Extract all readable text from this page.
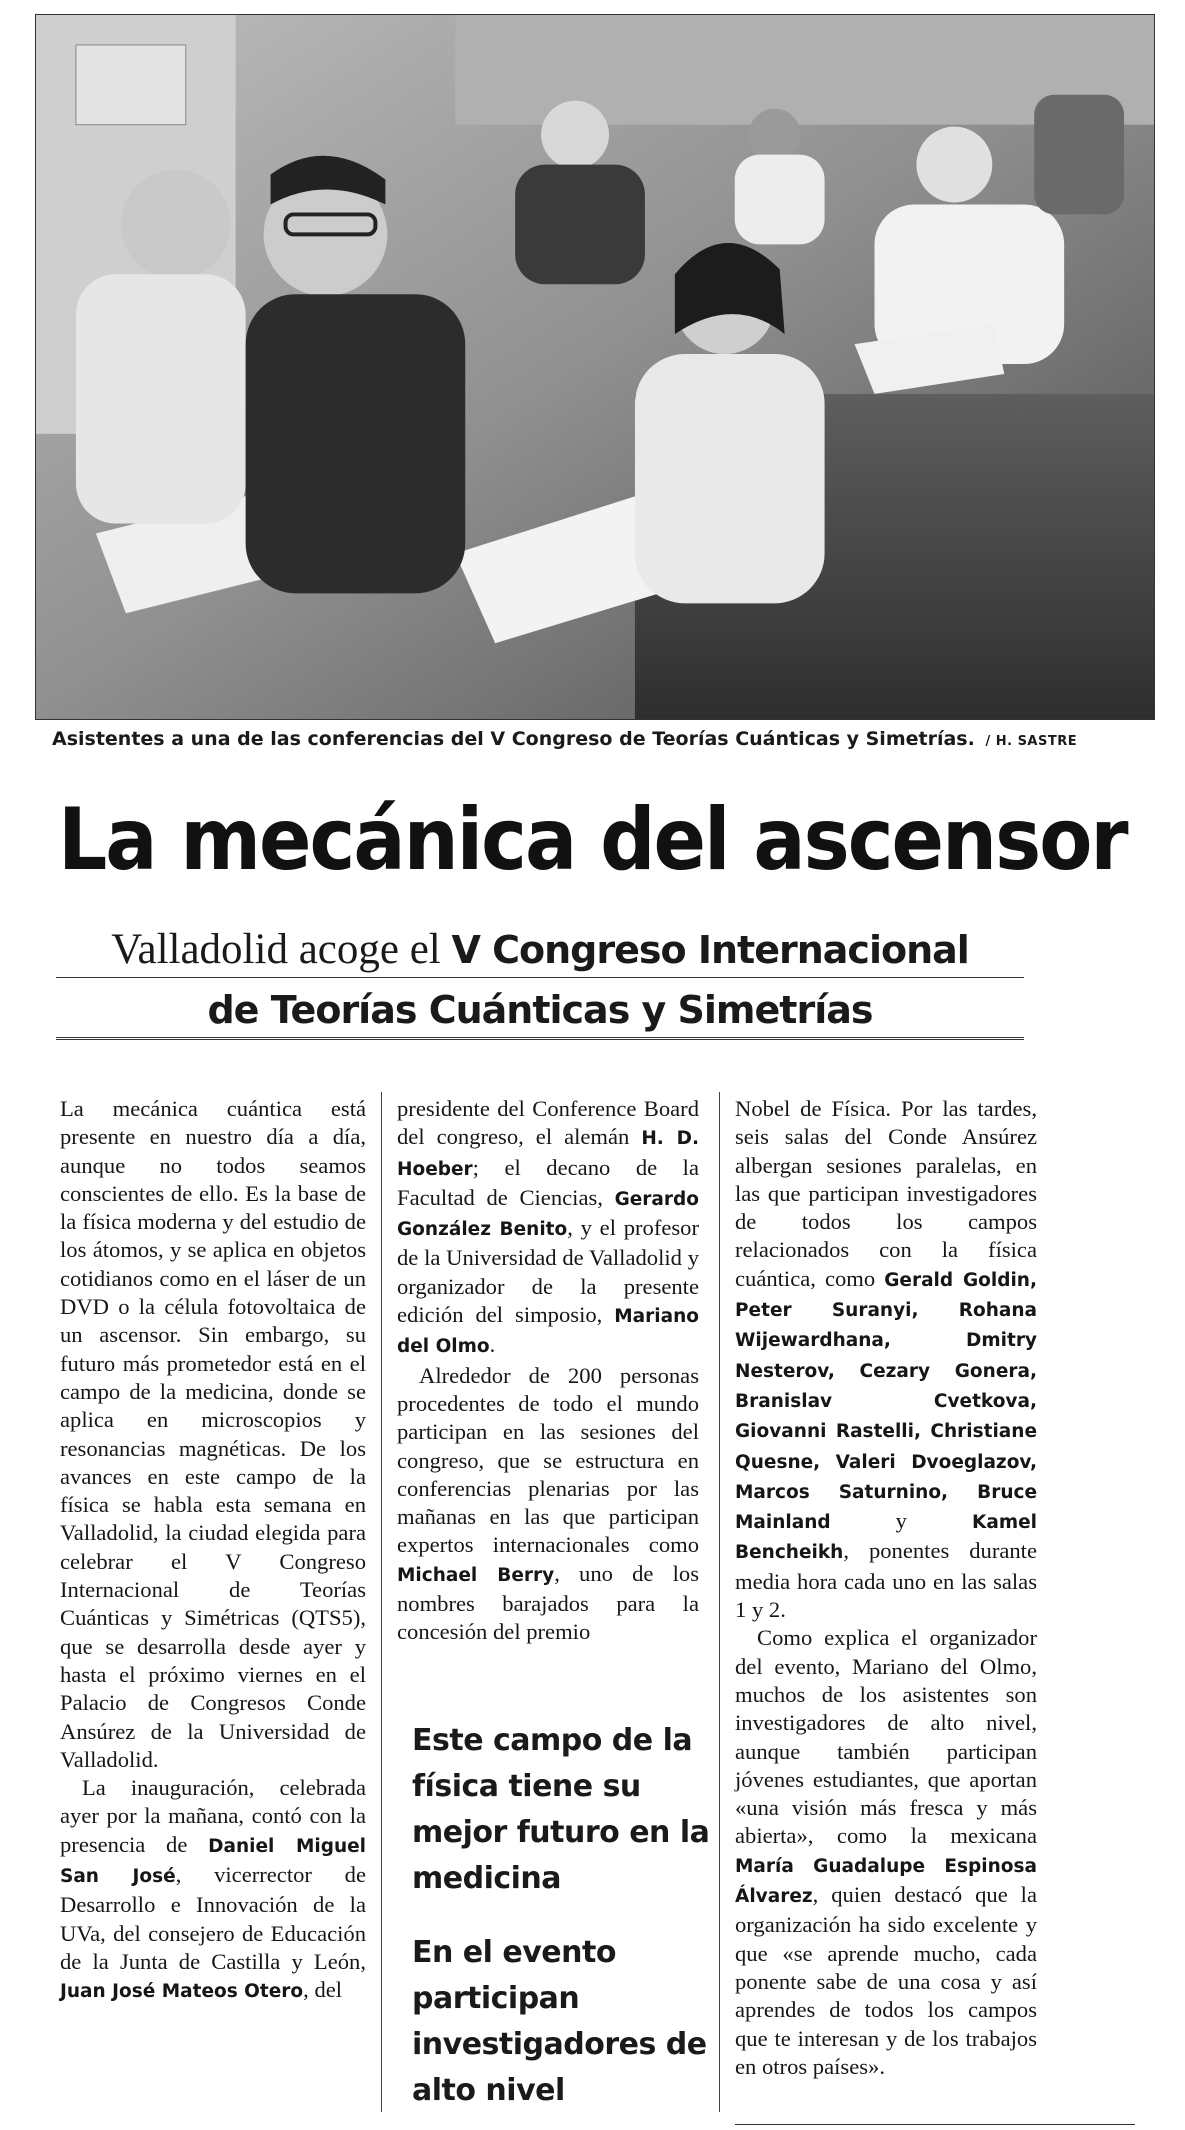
Asistentes a una de las conferencias del V Congreso de Teorías Cuánticas y Simetrías. / H. SASTRE
La mecánica del ascensor
Valladolid acoge el V Congreso Internacional
de Teorías Cuánticas y Simetrías

La mecánica cuántica está presente en nuestro día a día, aunque no todos seamos conscientes de ello. Es la base de la física moderna y del estudio de los átomos, y se aplica en objetos cotidianos como en el láser de un DVD o la célula fotovoltaica de un ascensor. Sin embargo, su futuro más prometedor está en el campo de la medicina, donde se aplica en microscopios y resonancias magnéticas. De los avances en este campo de la física se habla esta semana en Valladolid, la ciudad elegida para celebrar el V Congreso Internacional de Teorías Cuánticas y Simétricas (QTS5), que se desarrolla desde ayer y hasta el próximo viernes en el Palacio de Congresos Conde Ansúrez de la Universidad de Valladolid.

La inauguración, celebrada ayer por la mañana, contó con la presencia de Daniel Miguel San José, vicerrector de Desarrollo e Innovación de la UVa, del consejero de Educación de la Junta de Castilla y León, Juan José Mateos Otero, del

presidente del Conference Board del congreso, el alemán H. D. Hoeber; el decano de la Facultad de Ciencias, Gerardo González Benito, y el profesor de la Universidad de Valladolid y organizador de la presente edición del simposio, Mariano del Olmo.

Alrededor de 200 personas procedentes de todo el mundo participan en las sesiones del congreso, que se estructura en conferencias plenarias por las mañanas en las que participan expertos internacionales como Michael Berry, uno de los nombres barajados para la concesión del premio

Este campo de la física tiene su mejor futuro en la medicina
En el evento participan investigadores de alto nivel

Nobel de Física. Por las tardes, seis salas del Conde Ansúrez albergan sesiones paralelas, en las que participan investigadores de todos los campos relacionados con la física cuántica, como Gerald Goldin, Peter Suranyi, Rohana Wijewardhana, Dmitry Nesterov, Cezary Gonera, Branislav Cvetkova, Giovanni Rastelli, Christiane Quesne, Valeri Dvoeglazov, Marcos Saturnino, Bruce Mainland y Kamel Bencheikh, ponentes durante media hora cada uno en las salas 1 y 2.

Como explica el organizador del evento, Mariano del Olmo, muchos de los asistentes son investigadores de alto nivel, aunque también participan jóvenes estudiantes, que aportan «una visión más fresca y más abierta», como la mexicana María Guadalupe Espinosa Álvarez, quien destacó que la organización ha sido excelente y que «se aprende mucho, cada ponente sabe de una cosa y así aprendes de todos los campos que te interesan y de los trabajos en otros países».
